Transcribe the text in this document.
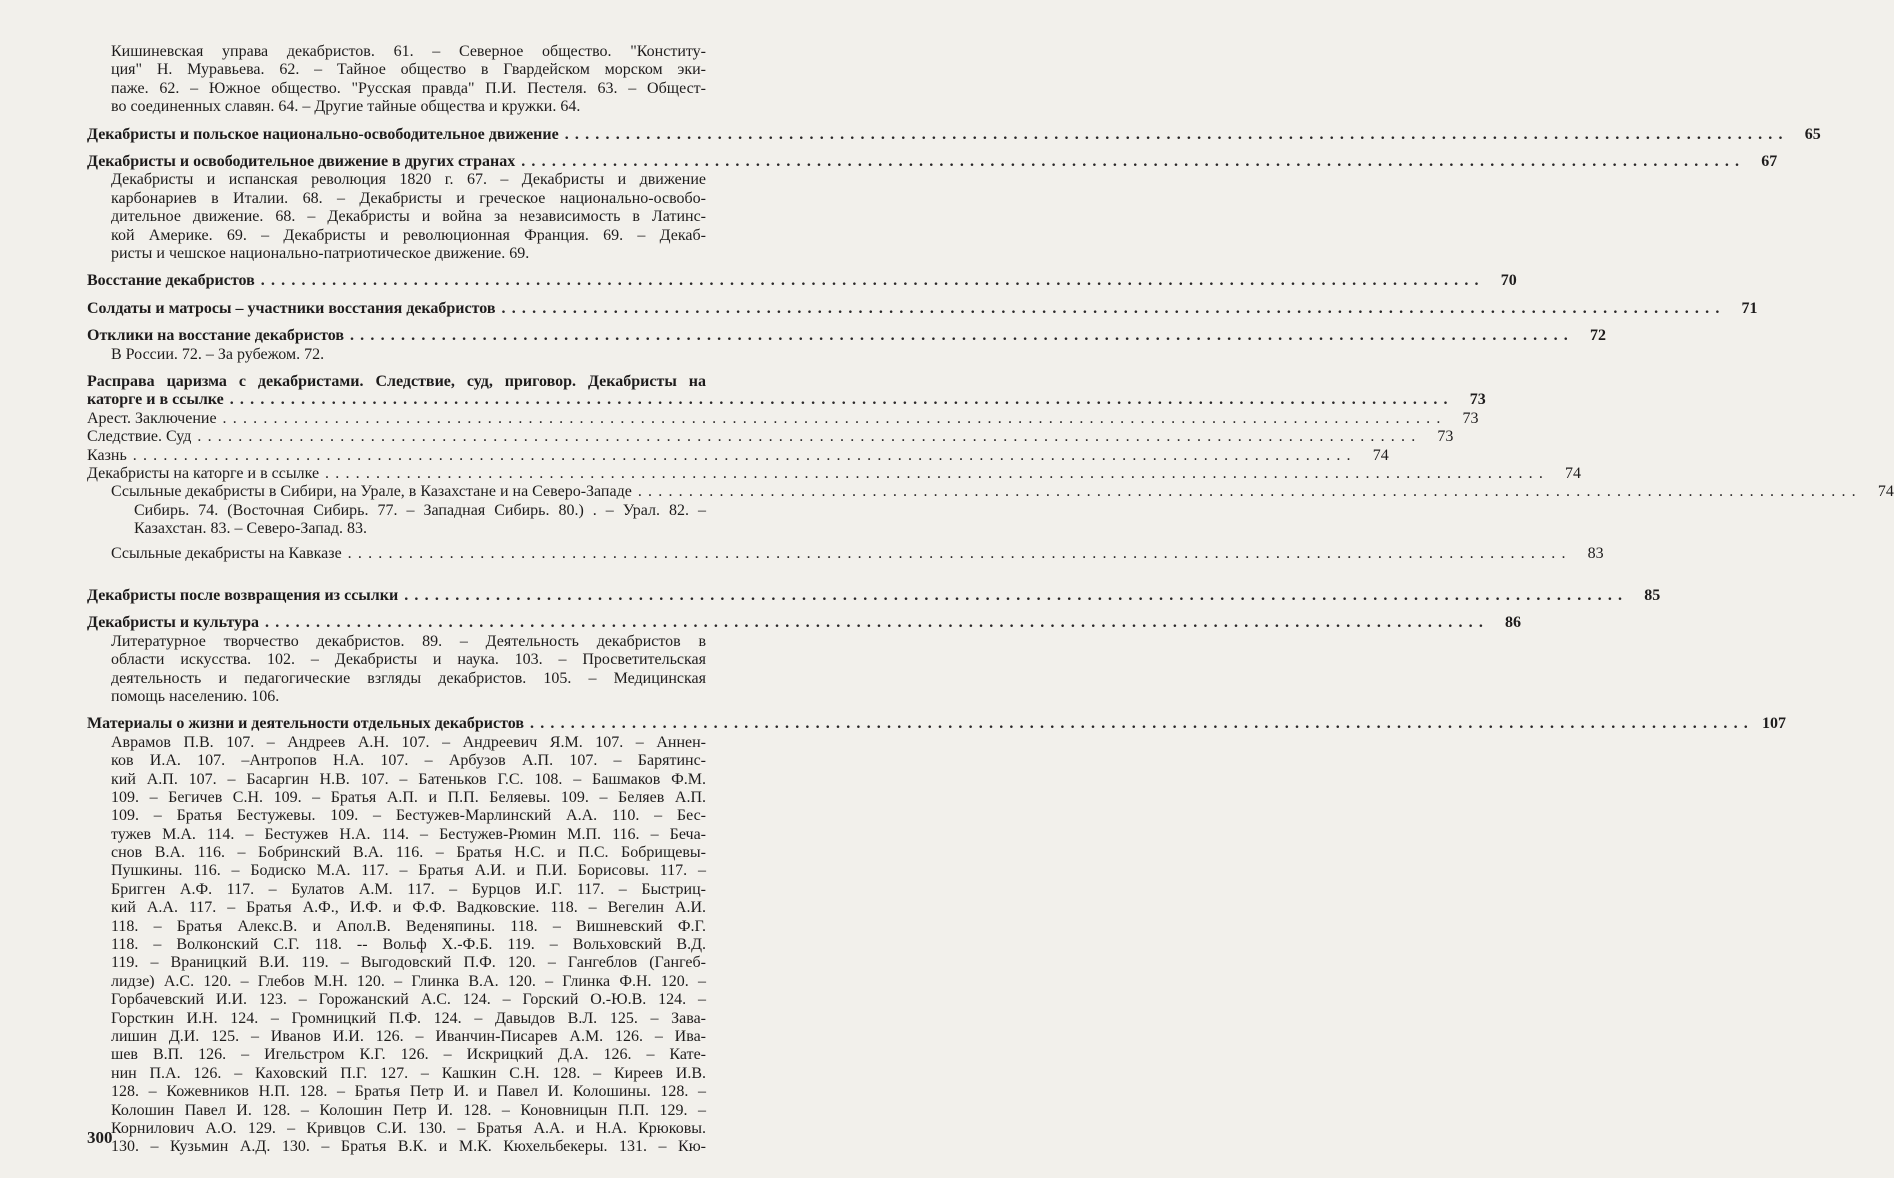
Кишиневская управа декабристов. 61. – Северное общество. "Конститу-
ция" Н. Муравьева. 62. – Тайное общество в Гвардейском морском эки-
паже. 62. – Южное общество. "Русская правда" П.И. Пестеля. 63. – Общест-
во соединенных славян. 64. – Другие тайные общества и кружки. 64.
Декабристы и польское национально-освободительное движение ........................................................................................................................	65
Декабристы и освободительное движение в других странах ........................................................................................................................	67
Декабристы и испанская революция 1820 г. 67. – Декабристы и движение
карбонариев в Италии. 68. – Декабристы и греческое национально-освобо-
дительное движение. 68. – Декабристы и война за независимость в Латинс-
кой Америке. 69. – Декабристы и революционная Франция. 69. – Декаб-
ристы и чешское национально-патриотическое движение. 69.
Восстание декабристов ........................................................................................................................	70
Солдаты и матросы – участники восстания декабристов ........................................................................................................................	71
Отклики на восстание декабристов ........................................................................................................................	72
В России. 72. – За рубежом. 72.
Расправа царизма с декабристами. Следствие, суд, приговор. Декабристы на
каторге и в ссылке ........................................................................................................................	73
Арест. Заключение ........................................................................................................................	73
Следствие. Суд ........................................................................................................................	73
Казнь ........................................................................................................................	74
Декабристы на каторге и в ссылке ........................................................................................................................	74
Ссыльные декабристы в Сибири, на Урале, в Казахстане и на Северо-Западе ........................................................................................................................	74
Сибирь. 74. (Восточная Сибирь. 77. – Западная Сибирь. 80.) . – Урал. 82. –
Казахстан. 83. – Северо-Запад. 83.
Ссыльные декабристы на Кавказе ........................................................................................................................	83
Декабристы после возвращения из ссылки ........................................................................................................................	85
Декабристы и культура ........................................................................................................................	86
Литературное творчество декабристов. 89. – Деятельность декабристов в
области искусства. 102. – Декабристы и наука. 103. – Просветительская
деятельность и педагогические взгляды декабристов. 105. – Медицинская
помощь населению. 106.
Материалы о жизни и деятельности отдельных декабристов ........................................................................................................................ 107
Аврамов П.В. 107. – Андреев А.Н. 107. – Андреевич Я.М. 107. – Аннен-
ков И.А. 107. –Антропов Н.А. 107. – Арбузов А.П. 107. – Барятинс-
кий А.П. 107. – Басаргин Н.В. 107. – Батеньков Г.С. 108. – Башмаков Ф.М.
109. – Бегичев С.Н. 109. – Братья А.П. и П.П. Беляевы. 109. – Беляев А.П.
109. – Братья Бестужевы. 109. – Бестужев-Марлинский А.А. 110. – Бес-
тужев М.А. 114. – Бестужев Н.А. 114. – Бестужев-Рюмин М.П. 116. – Беча-
снов В.А. 116. – Бобринский В.А. 116. – Братья Н.С. и П.С. Бобрищевы-
Пушкины. 116. – Бодиско М.А. 117. – Братья А.И. и П.И. Борисовы. 117. –
Бригген А.Ф. 117. – Булатов А.М. 117. – Бурцов И.Г. 117. – Быстриц-
кий А.А. 117. – Братья А.Ф., И.Ф. и Ф.Ф. Вадковские. 118. – Вегелин А.И.
118. – Братья Алекс.В. и Апол.В. Веденяпины. 118. – Вишневский Ф.Г.
118. – Волконский С.Г. 118. -- Вольф Х.-Ф.Б. 119. – Вольховский В.Д.
119. – Враницкий В.И. 119. – Выгодовский П.Ф. 120. – Гангеблов (Гангеб-
лидзе) А.С. 120. – Глебов М.Н. 120. – Глинка В.А. 120. – Глинка Ф.Н. 120. –
Горбачевский И.И. 123. – Горожанский А.С. 124. – Горский О.-Ю.В. 124. –
Горсткин И.Н. 124. – Громницкий П.Ф. 124. – Давыдов В.Л. 125. – Зава-
лишин Д.И. 125. – Иванов И.И. 126. – Иванчин-Писарев А.М. 126. – Ива-
шев В.П. 126. – Игельстром К.Г. 126. – Искрицкий Д.А. 126. – Кате-
нин П.А. 126. – Каховский П.Г. 127. – Кашкин С.Н. 128. – Киреев И.В.
128. – Кожевников Н.П. 128. – Братья Петр И. и Павел И. Колошины. 128. –
Колошин Павел И. 128. – Колошин Петр И. 128. – Коновницын П.П. 129. –
Корнилович А.О. 129. – Кривцов С.И. 130. – Братья А.А. и Н.А. Крюковы.
130. – Кузьмин А.Д. 130. – Братья В.К. и М.К. Кюхельбекеры. 131. – Кю-
300
